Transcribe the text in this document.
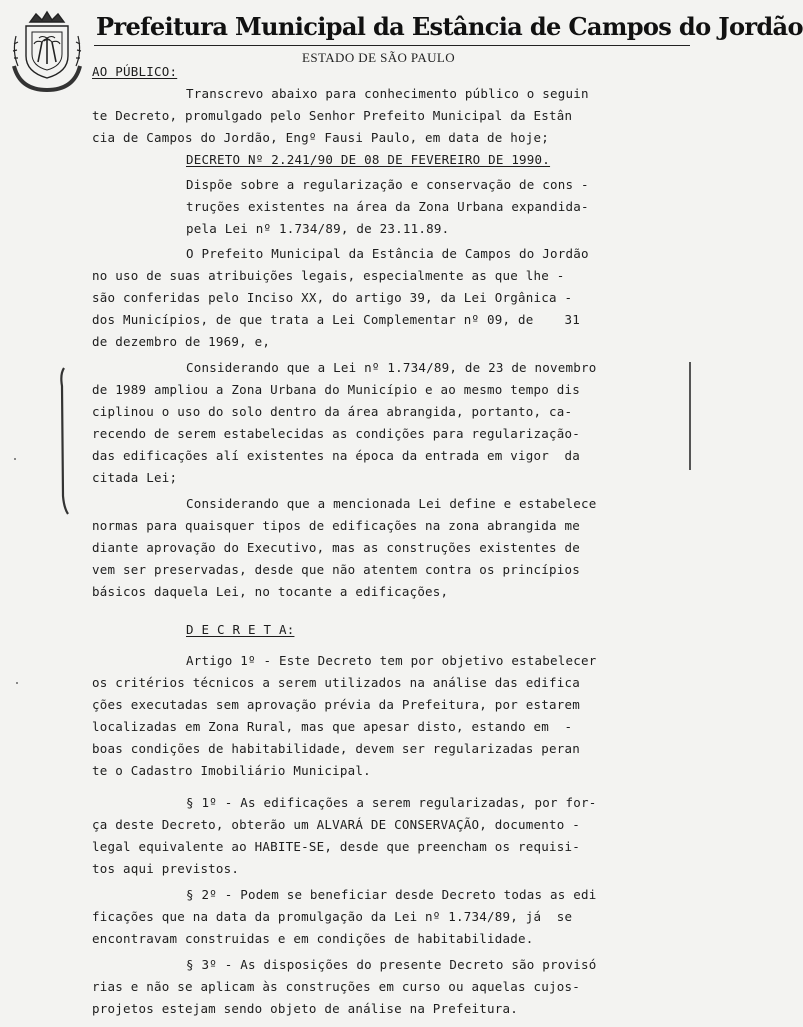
Prefeitura Municipal da Estância de Campos do Jordão
ESTADO DE SÃO PAULO
AO PÚBLICO:
Transcrevo abaixo para conhecimento público o seguin
te Decreto, promulgado pelo Senhor Prefeito Municipal da Estân
cia de Campos do Jordão, Engº Fausi Paulo, em data de hoje;
DECRETO Nº 2.241/90 DE 08 DE FEVEREIRO DE 1990.
Dispõe sobre a regularização e conservação de cons -
truções existentes na área da Zona Urbana expandida-
pela Lei nº 1.734/89, de 23.11.89.
O Prefeito Municipal da Estância de Campos do Jordão
no uso de suas atribuições legais, especialmente as que lhe -
são conferidas pelo Inciso XX, do artigo 39, da Lei Orgânica -
dos Municípios, de que trata a Lei Complementar nº 09, de    31
de dezembro de 1969, e,
Considerando que a Lei nº 1.734/89, de 23 de novembro
de 1989 ampliou a Zona Urbana do Município e ao mesmo tempo dis
ciplinou o uso do solo dentro da área abrangida, portanto, ca-
recendo de serem estabelecidas as condições para regularização-
das edificações alí existentes na época da entrada em vigor  da
citada Lei;
Considerando que a mencionada Lei define e estabelece
normas para quaisquer tipos de edificações na zona abrangida me
diante aprovação do Executivo, mas as construções existentes de
vem ser preservadas, desde que não atentem contra os princípios
básicos daquela Lei, no tocante a edificações,
D E C R E T A:
Artigo 1º - Este Decreto tem por objetivo estabelecer
os critérios técnicos a serem utilizados na análise das edifica
ções executadas sem aprovação prévia da Prefeitura, por estarem
localizadas em Zona Rural, mas que apesar disto, estando em  -
boas condições de habitabilidade, devem ser regularizadas peran
te o Cadastro Imobiliário Municipal.
§ 1º - As edificações a serem regularizadas, por for-
ça deste Decreto, obterão um ALVARÁ DE CONSERVAÇÃO, documento -
legal equivalente ao HABITE-SE, desde que preencham os requisi-
tos aqui previstos.
§ 2º - Podem se beneficiar desde Decreto todas as edi
ficações que na data da promulgação da Lei nº 1.734/89, já  se
encontravam construidas e em condições de habitabilidade.
§ 3º - As disposições do presente Decreto são provisó
rias e não se aplicam às construções em curso ou aquelas cujos-
projetos estejam sendo objeto de análise na Prefeitura.
